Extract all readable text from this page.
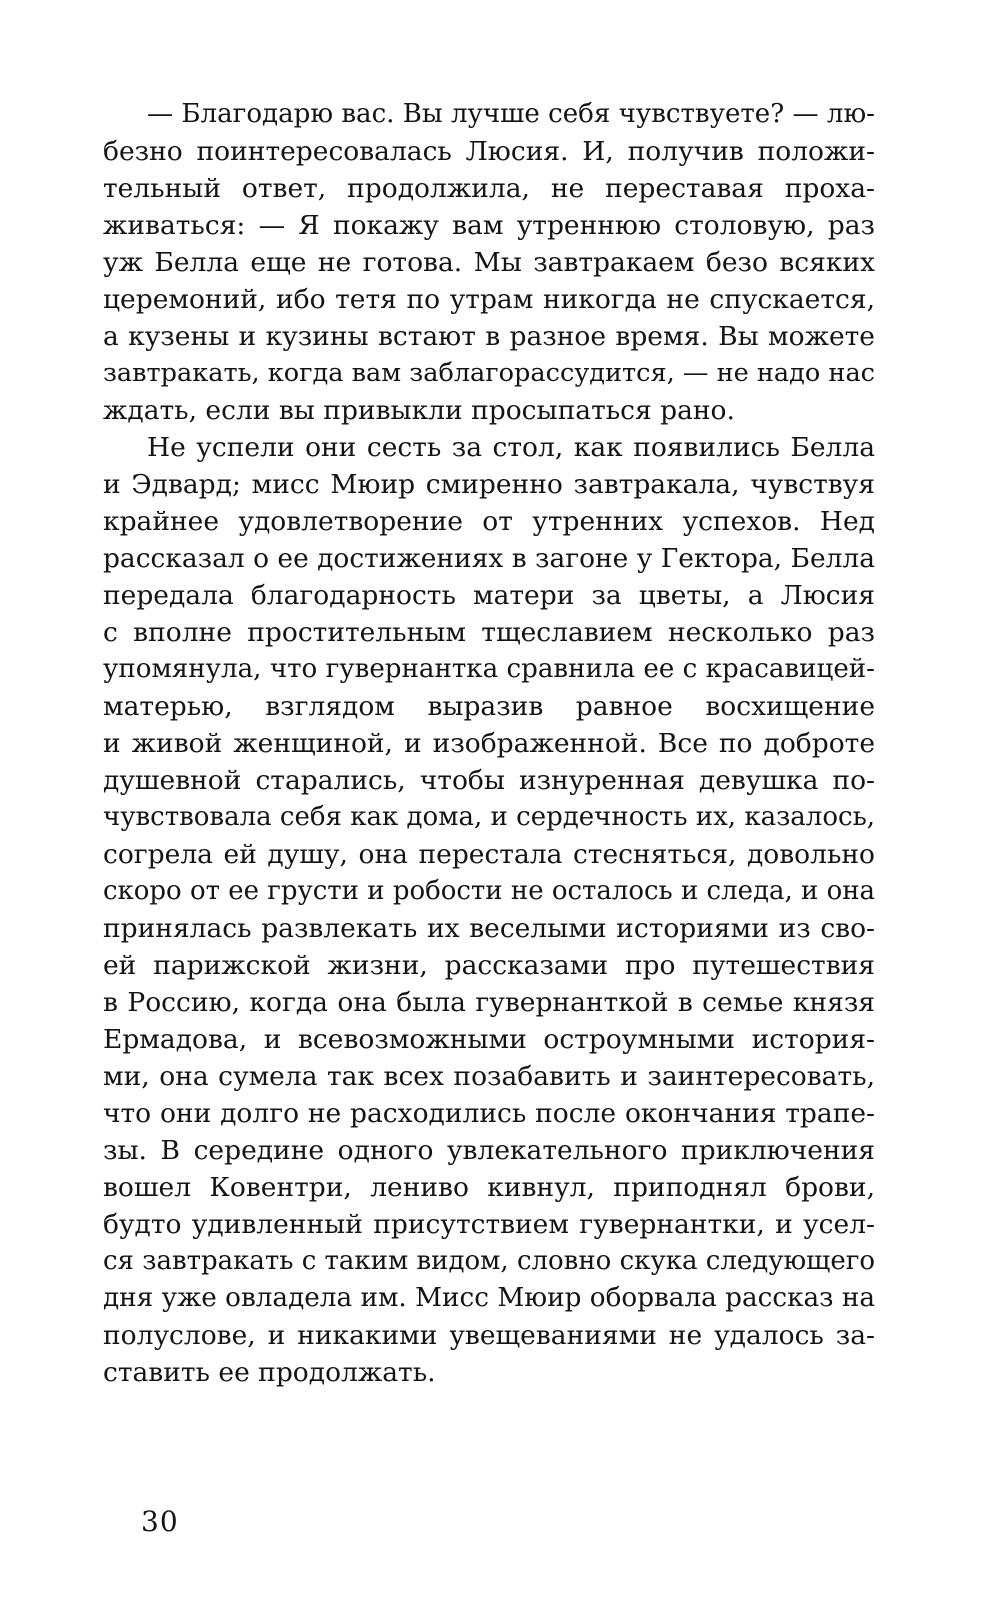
— Благодарю вас. Вы лучше себя чувствуете? — лю-
безно поинтересовалась Люсия. И, получив положи-
тельный ответ, продолжила, не переставая проха-
живаться: — Я покажу вам утреннюю столовую, раз
уж Белла еще не готова. Мы завтракаем безо всяких
церемоний, ибо тетя по утрам никогда не спускается,
а кузены и кузины встают в разное время. Вы можете
завтракать, когда вам заблагорассудится, — не надо нас
ждать, если вы привыкли просыпаться рано.
Не успели они сесть за стол, как появились Белла
и Эдвард; мисс Мюир смиренно завтракала, чувствуя
крайнее удовлетворение от утренних успехов. Нед
рассказал о ее достижениях в загоне у Гектора, Белла
передала благодарность матери за цветы, а Люсия
с вполне простительным тщеславием несколько раз
упомянула, что гувернантка сравнила ее с красавицей-
матерью, взглядом выразив равное восхищение
и живой женщиной, и изображенной. Все по доброте
душевной старались, чтобы изнуренная девушка по-
чувствовала себя как дома, и сердечность их, казалось,
согрела ей душу, она перестала стесняться, довольно
скоро от ее грусти и робости не осталось и следа, и она
принялась развлекать их веселыми историями из сво-
ей парижской жизни, рассказами про путешествия
в Россию, когда она была гувернанткой в семье князя
Ермадова, и всевозможными остроумными история-
ми, она сумела так всех позабавить и заинтересовать,
что они долго не расходились после окончания трапе-
зы. В середине одного увлекательного приключения
вошел Ковентри, лениво кивнул, приподнял брови,
будто удивленный присутствием гувернантки, и усел-
ся завтракать с таким видом, словно скука следующего
дня уже овладела им. Мисс Мюир оборвала рассказ на
полуслове, и никакими увещеваниями не удалось за-
ставить ее продолжать.
30
